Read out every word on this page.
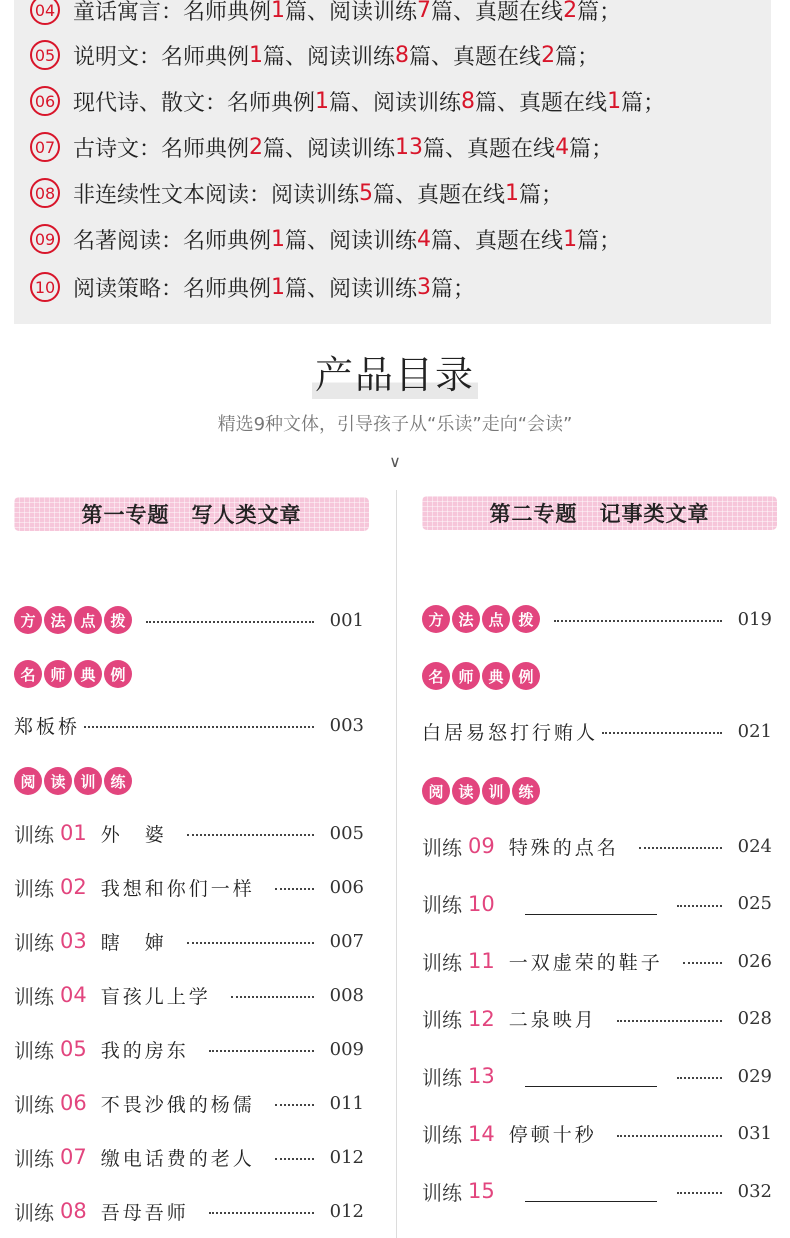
04 童话寓言： 名师典例 1 篇、阅读训练 7 篇、真题在线 2 篇；
05 说明文： 名师典例 1 篇、阅读训练 8 篇、真题在线 2 篇；
06 现代诗、散文： 名师典例 1 篇、阅读训练 8 篇、真题在线 1 篇；
07 古诗文： 名师典例 2 篇、阅读训练 13 篇、真题在线 4 篇；
08 非连续性文本阅读： 阅读训练 5 篇、真题在线 1 篇；
09 名著阅读： 名师典例 1 篇、阅读训练 4 篇、真题在线 1 篇；
10 阅读策略： 名师典例 1 篇、阅读训练 3 篇；
产品目录
精选9种文体，引导孩子从“乐读”走向“会读”
∨
第一专题　写人类文章	第二专题　记事类文章
方 法 点 拨	001
名 师 典 例
郑板桥	003
阅 读 训 练
训练 01 外　婆	005
训练 02 我想和你们一样	006
训练 03 瞎　婶	007
训练 04 盲孩儿上学	008
训练 05 我的房东	009
训练 06 不畏沙俄的杨儒	011
训练 07 缴电话费的老人	012
训练 08 吾母吾师	012
方 法 点 拨	019
名 师 典 例
白居易怒打行贿人	021
阅 读 训 练
训练 09 特殊的点名	024
训练 10	025
训练 11 一双虚荣的鞋子	026
训练 12 二泉映月	028
训练 13	029
训练 14 停顿十秒	031
训练 15	032
